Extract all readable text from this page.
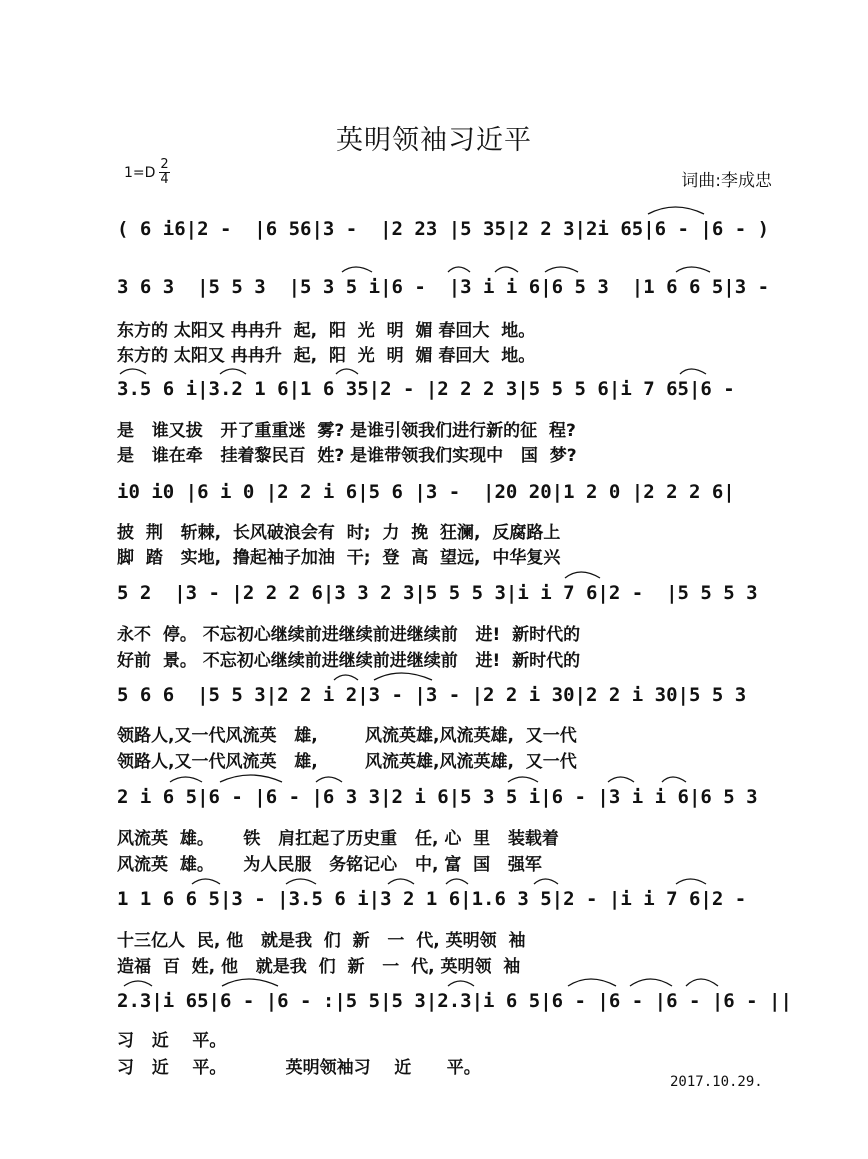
英明领袖习近平
$1=D \frac{2}{4}$	词曲:李成忠
( 6 i6|2 -  |6 56|3 -  |2 23 |5 35|2 2 3|2i 65|6 - |6 - )
3 6 3  |5 5 3  |5 3 5 i|6 -  |3 i i 6|6 5 3  |1 6 6 5|3 -
东方的 太阳又 冉冉升  起,  阳  光  明  媚 春回大  地。
东方的 太阳又 冉冉升  起,  阳  光  明  媚 春回大  地。
3.5 6 i|3.2 1 6|1 6 35|2 - |2 2 2 3|5 5 5 6|i 7 65|6 -
是   谁又拔   开了重重迷  雾? 是谁引领我们进行新的征  程?
是   谁在牵   挂着黎民百  姓? 是谁带领我们实现中   国  梦?
i0 i0 |6 i 0 |2 2 i 6|5 6 |3 -  |20 20|1 2 0 |2 2 2 6|
披  荆   斩棘,  长风破浪会有  时;  力  挽  狂澜,  反腐路上
脚  踏   实地,  撸起袖子加油  干;  登  高  望远,  中华复兴
5 2  |3 - |2 2 2 6|3 3 2 3|5 5 5 3|i i 7 6|2 -  |5 5 5 3
永不  停。 不忘初心继续前进继续前进继续前   进!  新时代的
好前  景。 不忘初心继续前进继续前进继续前   进!  新时代的
5 6 6  |5 5 3|2 2 i 2|3 - |3 - |2 2 i 30|2 2 i 30|5 5 3
领路人,又一代风流英   雄,        风流英雄,风流英雄,  又一代
领路人,又一代风流英   雄,        风流英雄,风流英雄,  又一代
2 i 6 5|6 - |6 - |6 3 3|2 i 6|5 3 5 i|6 - |3 i i 6|6 5 3
风流英  雄。     铁   肩扛起了历史重   任, 心  里   装载着
风流英  雄。     为人民服   务铭记心   中, 富  国   强军
1 1 6 6 5|3 - |3.5 6 i|3 2 1 6|1.6 3 5|2 - |i i 7 6|2 -
十三亿人  民, 他   就是我  们  新   一  代, 英明领  袖
造福  百  姓, 他   就是我  们  新   一  代, 英明领  袖
2.3|i 65|6 - |6 - :|5 5|5 3|2.3|i 6 5|6 - |6 - |6 - |6 - ||
习   近    平。
习   近    平。          英明领袖习    近      平。
2017.10.29.
